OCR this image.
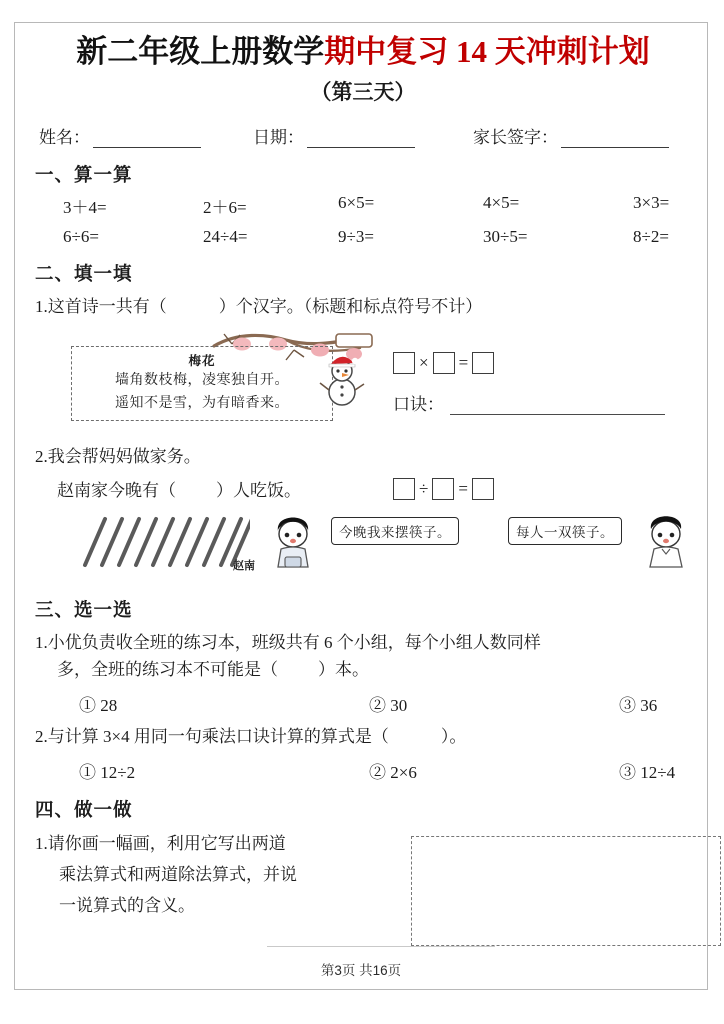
新二年级上册数学期中复习 14 天冲刺计划
（第三天）
姓名：	日期：	家长签字：
一、算一算
3＋4=	2＋6=	6×5=	4×5=	3×3=
6÷6=	24÷4=	9÷3=	30÷5=	8÷2=
二、填一填
1.这首诗一共有（	）个汉字。（标题和标点符号不计）
梅花
墙角数枝梅，凌寒独自开。
遥知不是雪，为有暗香来。
× =
口诀：
2.我会帮妈妈做家务。
赵南家今晚有（ ）人吃饭。	÷ =
赵南
今晚我来摆筷子。	每人一双筷子。
三、选一选
1.小优负责收全班的练习本，班级共有 6 个小组，每个小组人数同样
多，全班的练习本不可能是（ ）本。
① 28	② 30	③ 36
2.与计算 3×4 用同一句乘法口诀计算的算式是（	）。
① 12÷2	② 2×6	③ 12÷4
四、做一做
1.请你画一幅画，利用它写出两道
乘法算式和两道除法算式，并说
一说算式的含义。
第3页 共16页
